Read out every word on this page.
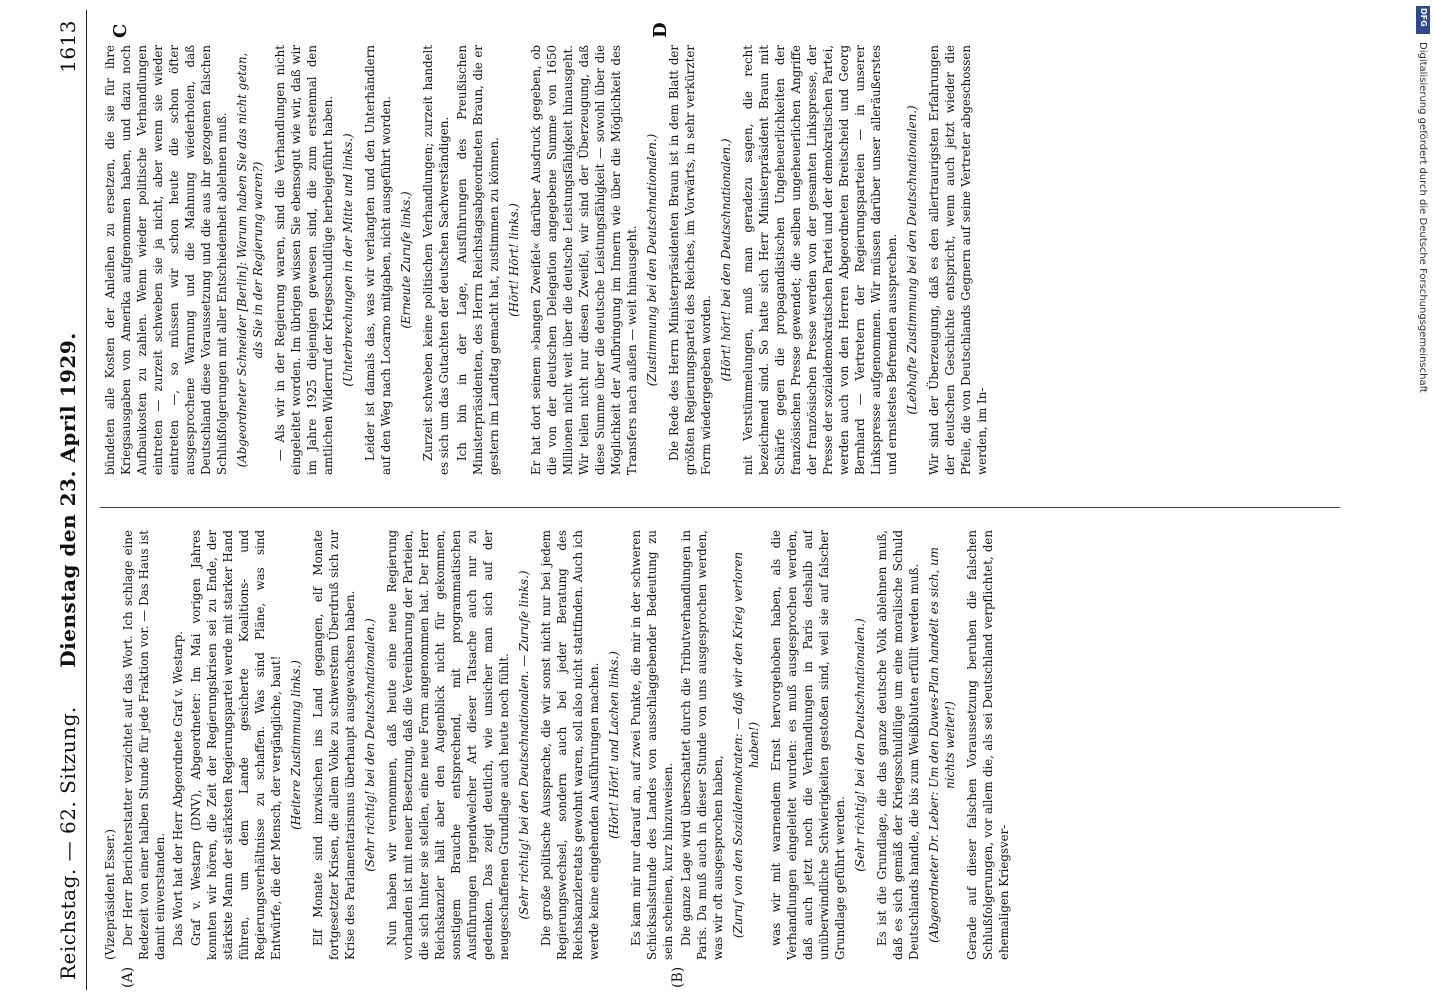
Reichstag. — 62. Sitzung.
Dienstag den 23. April 1929.
1613
(A)	(B)
C	D

(Vizepräsident Esser.) Der Herr Berichterstatter verzichtet auf das Wort. Ich schlage eine Redezeit von einer halben Stunde für jede Fraktion vor. — Das Haus ist damit einverstanden. Das Wort hat der Herr Abgeordnete Graf v. Westarp. Graf v. Westarp (DNV), Abgeordneter: Im Mai vorigen Jahres konnten wir hören, die Zeit der Regierungskrisen sei zu Ende, der stärkste Mann der stärksten Regierungspartei werde mit starker Hand führen, um dem Lande gesicherte Koalitions- und Regierungsverhältnisse zu schaffen. Was sind Pläne, was sind Entwürfe, die der Mensch, der vergängliche, baut! (Heitere Zustimmung links.) Elf Monate sind inzwischen ins Land gegangen, elf Monate fortgesetzter Krisen, die allem Volke zu schwerstem Überdruß sich zur Krise des Parlamentarismus überhaupt ausgewachsen haben. (Sehr richtig! bei den Deutschnationalen.) Nun haben wir vernommen, daß heute eine neue Regierung vorhanden ist mit neuer Besetzung, daß die Vereinbarung der Parteien, die sich hinter sie stellen, eine neue Form angenommen hat. Der Herr Reichskanzler hält aber den Augenblick nicht für gekommen, sonstigem Brauche entsprechend, mit programmatischen Ausführungen irgendwelcher Art dieser Tatsache auch nur zu gedenken. Das zeigt deutlich, wie unsicher man sich auf der neugeschaffenen Grundlage auch heute noch fühlt. (Sehr richtig! bei den Deutschnationalen. — Zurufe links.) Die große politische Aussprache, die wir sonst nicht nur bei jedem Regierungswechsel, sondern auch bei jeder Beratung des Reichskanzleretats gewohnt waren, soll also nicht stattfinden. Auch ich werde keine eingehenden Ausführungen machen. (Hört! Hört! und Lachen links.) Es kam mir nur darauf an, auf zwei Punkte, die mir in der schweren Schicksalsstunde des Landes von ausschlaggebender Bedeutung zu sein scheinen, kurz hinzuweisen. Die ganze Lage wird überschattet durch die Tributverhandlungen in Paris. Da muß auch in dieser Stunde von uns ausgesprochen werden, was wir oft ausgesprochen haben, (Zuruf von den Sozialdemokraten: — daß wir den Krieg verloren haben!) was wir mit warnendem Ernst hervorgehoben haben, als die Verhandlungen eingeleitet wurden: es muß ausgesprochen werden, daß auch jetzt noch die Verhandlungen in Paris deshalb auf unüberwindliche Schwierigkeiten gestoßen sind, weil sie auf falscher Grundlage geführt werden.

(Sehr richtig! bei den Deutschnationalen.) Es ist die Grundlage, die das ganze deutsche Volk ablehnen muß, daß es sich gemäß der Kriegsschuldlüge um eine moralische Schuld Deutschlands handle, die bis zum Weißbluten erfüllt werden muß. (Abgeordneter Dr. Leber: Um den Dawes-Plan handelt es sich, um nichts weiter!) Gerade auf dieser falschen Voraussetzung beruhen die falschen Schlußfolgerungen, vor allem die, als sei Deutschland verpflichtet, den ehemaligen Kriegsver-

bündeten alle Kosten der Anleihen zu ersetzen, die sie für ihre Kriegsausgaben von Amerika aufgenommen haben, und dazu noch Aufbaukosten zu zahlen. Wenn wieder politische Verhandlungen eintreten — zurzeit schweben sie ja nicht, aber wenn sie wieder eintreten —, so müssen wir schon heute die schon öfter ausgesprochene Warnung und die Mahnung wiederholen, daß Deutschland diese Voraussetzung und die aus ihr gezogenen falschen Schlußfolgerungen mit aller Entschiedenheit ablehnen muß. (Abgeordneter Schneider [Berlin]: Warum haben Sie das nicht getan, als Sie in der Regierung waren?) — Als wir in der Regierung waren, sind die Verhandlungen nicht eingeleitet worden. Im übrigen wissen Sie ebensogut wie wir, daß wir im Jahre 1925 diejenigen gewesen sind, die zum erstenmal den amtlichen Widerruf der Kriegsschuldlüge herbeigeführt haben. (Unterbrechungen in der Mitte und links.) Leider ist damals das, was wir verlangten und den Unterhändlern auf den Weg nach Locarno mitgaben, nicht ausgeführt worden. (Erneute Zurufe links.) Zurzeit schweben keine politischen Verhandlungen; zurzeit handelt es sich um das Gutachten der deutschen Sachverständigen. Ich bin in der Lage, Ausführungen des Preußischen Ministerpräsidenten, des Herrn Reichstagsabgeordneten Braun, die er gestern im Landtag gemacht hat, zustimmen zu können. (Hört! Hört! links.) Er hat dort seinem »bangen Zweifel« darüber Ausdruck gegeben, ob die von der deutschen Delegation angegebene Summe von 1650 Millionen nicht weit über die deutsche Leistungsfähigkeit hinausgeht. Wir teilen nicht nur diesen Zweifel, wir sind der Überzeugung, daß diese Summe über die deutsche Leistungsfähigkeit — sowohl über die Möglichkeit der Aufbringung im Innern wie über die Möglichkeit des Transfers nach außen — weit hinausgeht. (Zustimmung bei den Deutschnationalen.) Die Rede des Herrn Ministerpräsidenten Braun ist in dem Blatt der größten Regierungspartei des Reiches, im Vorwärts, in sehr verkürzter Form wiedergegeben worden.

(Hört! hört! bei den Deutschnationalen.) mit Verstümmelungen, muß man geradezu sagen, die recht bezeichnend sind. So hatte sich Herr Ministerpräsident Braun mit Schärfe gegen die propagandistischen Ungeheuerlichkeiten der französischen Presse gewendet; die selben ungeheuerlichen Angriffe der französischen Presse werden von der gesamten Linkspresse, der Presse der sozialdemokratischen Partei und der demokratischen Partei, werden auch von den Herren Abgeordneten Breitscheid und Georg Bernhard — Vertretern der Regierungsparteien — in unserer Linkspresse aufgenommen. Wir müssen darüber unser alleräußerstes und ernstestes Befremden aussprechen. (Lebhafte Zustimmung bei den Deutschnationalen.) Wir sind der Überzeugung, daß es den allertraurigsten Erfahrungen der deutschen Geschichte entspricht, wenn auch jetzt wieder die Pfeile, die von Deutschlands Gegnern auf seine Vertreter abgeschossen werden, im In-

DFG
Digitalisierung gefördert durch die Deutsche Forschungsgemeinschaft
